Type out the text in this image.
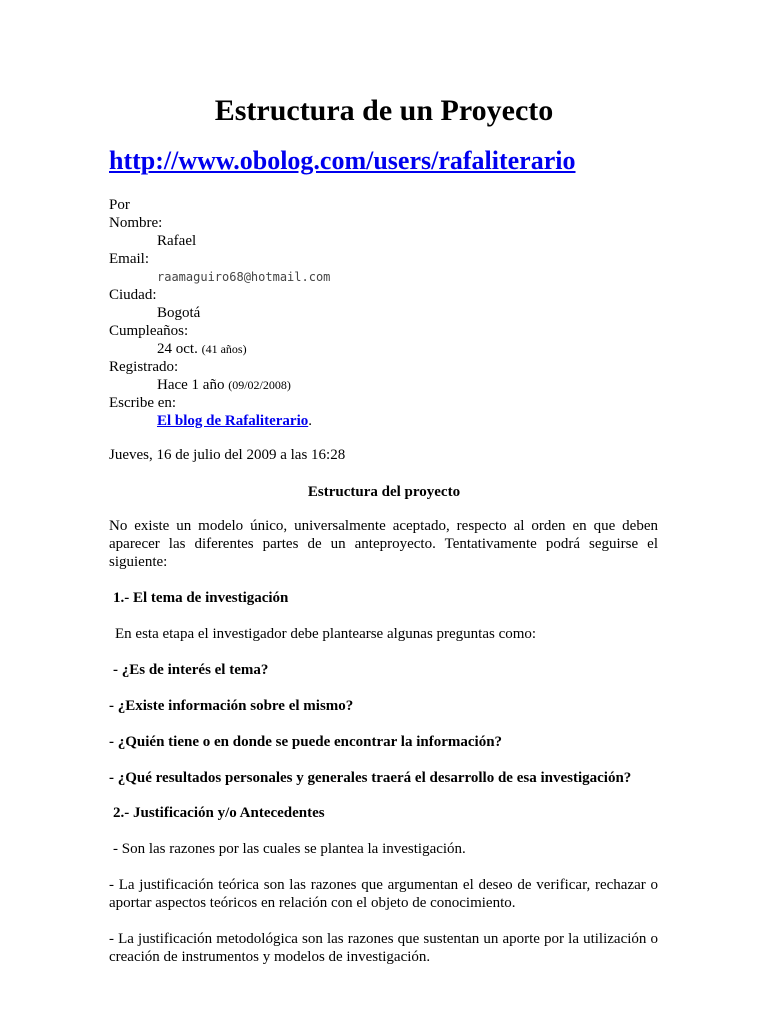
Estructura de un Proyecto
http://www.obolog.com/users/rafaliterario
Por
Nombre:
Rafael
Email:
raamaguiro68@hotmail.com
Ciudad:
Bogotá
Cumpleaños:
24 oct. (41 años)
Registrado:
Hace 1 año (09/02/2008)
Escribe en:
El blog de Rafaliterario.
Jueves, 16 de julio del 2009 a las 16:28
Estructura del proyecto
No existe un modelo único, universalmente aceptado, respecto al orden en que deben aparecer las diferentes partes de un anteproyecto. Tentativamente podrá seguirse el siguiente:
1.- El tema de investigación
En esta etapa el investigador debe plantearse algunas preguntas como:
- ¿Es de interés el tema?
- ¿Existe información sobre el mismo?
- ¿Quién tiene o en donde se puede encontrar la información?
- ¿Qué resultados personales y generales traerá el desarrollo de esa investigación?
2.- Justificación y/o Antecedentes
- Son las razones por las cuales se plantea la investigación.
- La justificación teórica son las razones que argumentan el deseo de verificar, rechazar o aportar aspectos teóricos en relación con el objeto de conocimiento.
- La justificación metodológica son las razones que sustentan un aporte por la utilización o creación de instrumentos y modelos de investigación.
